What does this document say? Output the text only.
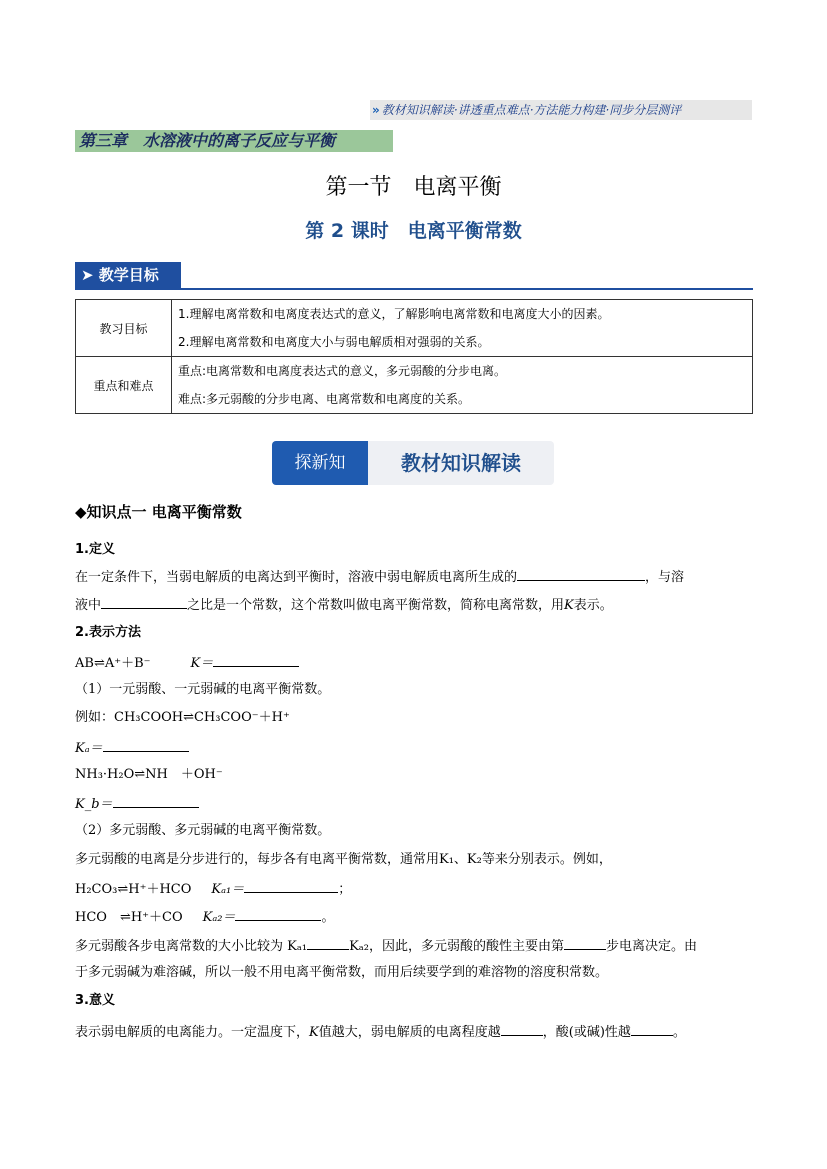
» 教材知识解读·讲透重点难点·方法能力构建·同步分层测评
第三章　水溶液中的离子反应与平衡
第一节　电离平衡
第 2 课时　电离平衡常数
➤ 教学目标
教习目标	1.理解电离常数和电离度表达式的意义，了解影响电离常数和电离度大小的因素。
2.理解电离常数和电离度大小与弱电解质相对强弱的关系。

重点和难点	重点:电离常数和电离度表达式的意义，多元弱酸的分步电离。
难点:多元弱酸的分步电离、电离常数和电离度的关系。
探新知	教材知识解读
◆知识点一 电离平衡常数
1.定义
在一定条件下，当弱电解质的电离达到平衡时，溶液中弱电解质电离所生成的	，与溶
液中	之比是一个常数，这个常数叫做电离平衡常数，简称电离常数，用K表示。
2.表示方法
AB⇌A⁺＋B⁻	K＝
（1）一元弱酸、一元弱碱的电离平衡常数。
例如：CH₃COOH⇌CH₃COO⁻＋H⁺
Kₐ＝
NH₃·H₂O⇌NH　＋OH⁻
K_b＝
（2）多元弱酸、多元弱碱的电离平衡常数。
多元弱酸的电离是分步进行的，每步各有电离平衡常数，通常用K₁、K₂等来分别表示。例如，
H₂CO₃⇌H⁺＋HCO Kₐ₁＝	；
HCO　⇌H⁺＋CO Kₐ₂＝	。
多元弱酸各步电离常数的大小比较为 Kₐ₁	Kₐ₂，因此，多元弱酸的酸性主要由第	步电离决定。由
于多元弱碱为难溶碱，所以一般不用电离平衡常数，而用后续要学到的难溶物的溶度积常数。
3.意义
表示弱电解质的电离能力。一定温度下，K值越大，弱电解质的电离程度越	，酸(或碱)性越	。
